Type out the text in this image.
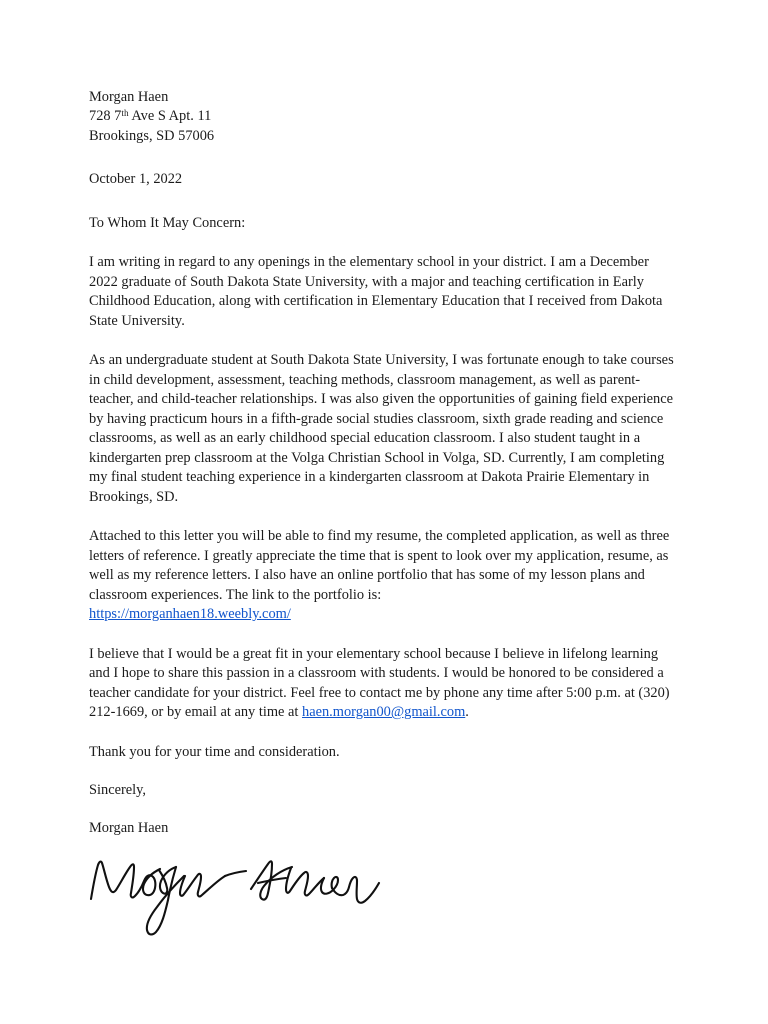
Morgan Haen
728 7th Ave S Apt. 11
Brookings, SD 57006
October 1, 2022
To Whom It May Concern:

I am writing in regard to any openings in the elementary school in your district. I am a December 2022 graduate of South Dakota State University, with a major and teaching certification in Early Childhood Education, along with certification in Elementary Education that I received from Dakota State University.

As an undergraduate student at South Dakota State University, I was fortunate enough to take courses in child development, assessment, teaching methods, classroom management, as well as parent-teacher, and child-teacher relationships. I was also given the opportunities of gaining field experience by having practicum hours in a fifth-grade social studies classroom, sixth grade reading and science classrooms, as well as an early childhood special education classroom. I also student taught in a kindergarten prep classroom at the Volga Christian School in Volga, SD. Currently, I am completing my final student teaching experience in a kindergarten classroom at Dakota Prairie Elementary in Brookings, SD.

Attached to this letter you will be able to find my resume, the completed application, as well as three letters of reference. I greatly appreciate the time that is spent to look over my application, resume, as well as my reference letters. I also have an online portfolio that has some of my lesson plans and classroom experiences. The link to the portfolio is:
https://morganhaen18.weebly.com/

I believe that I would be a great fit in your elementary school because I believe in lifelong learning and I hope to share this passion in a classroom with students. I would be honored to be considered a teacher candidate for your district. Feel free to contact me by phone any time after 5:00 p.m. at (320) 212-1669, or by email at any time at haen.morgan00@gmail.com.

Thank you for your time and consideration.
Sincerely,
Morgan Haen
